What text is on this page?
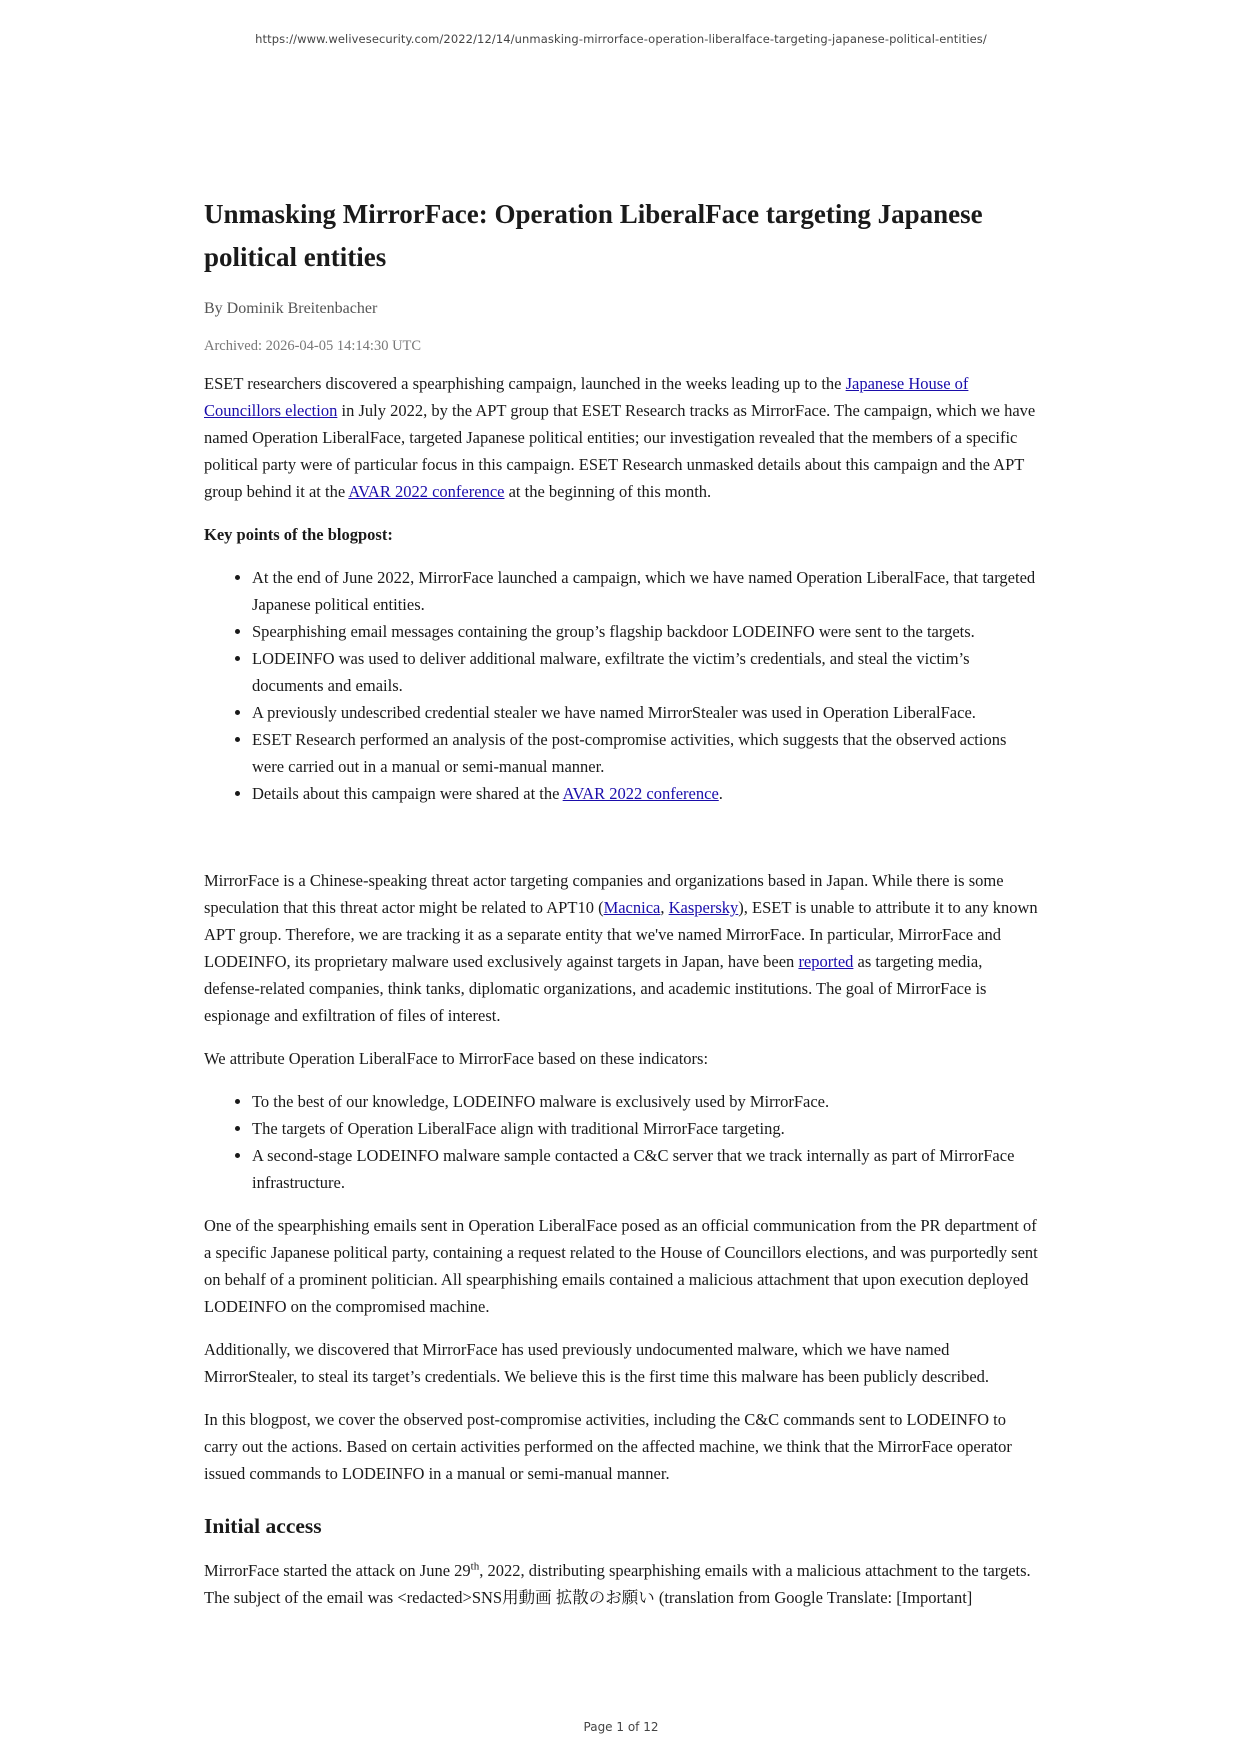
https://www.welivesecurity.com/2022/12/14/unmasking-mirrorface-operation-liberalface-targeting-japanese-political-entities/
Unmasking MirrorFace: Operation LiberalFace targeting Japanese political entities
By Dominik Breitenbacher
Archived: 2026-04-05 14:14:30 UTC

ESET researchers discovered a spearphishing campaign, launched in the weeks leading up to the Japanese House of Councillors election in July 2022, by the APT group that ESET Research tracks as MirrorFace. The campaign, which we have named Operation LiberalFace, targeted Japanese political entities; our investigation revealed that the members of a specific political party were of particular focus in this campaign. ESET Research unmasked details about this campaign and the APT group behind it at the AVAR 2022 conference at the beginning of this month.

Key points of the blogpost:

• At the end of June 2022, MirrorFace launched a campaign, which we have named Operation LiberalFace, that targeted Japanese political entities.
• Spearphishing email messages containing the group’s flagship backdoor LODEINFO were sent to the targets.
• LODEINFO was used to deliver additional malware, exfiltrate the victim’s credentials, and steal the victim’s documents and emails.
• A previously undescribed credential stealer we have named MirrorStealer was used in Operation LiberalFace.
• ESET Research performed an analysis of the post-compromise activities, which suggests that the observed actions were carried out in a manual or semi-manual manner.
• Details about this campaign were shared at the AVAR 2022 conference.

MirrorFace is a Chinese-speaking threat actor targeting companies and organizations based in Japan. While there is some speculation that this threat actor might be related to APT10 (Macnica, Kaspersky), ESET is unable to attribute it to any known APT group. Therefore, we are tracking it as a separate entity that we've named MirrorFace. In particular, MirrorFace and LODEINFO, its proprietary malware used exclusively against targets in Japan, have been reported as targeting media, defense-related companies, think tanks, diplomatic organizations, and academic institutions. The goal of MirrorFace is espionage and exfiltration of files of interest.

We attribute Operation LiberalFace to MirrorFace based on these indicators:

• To the best of our knowledge, LODEINFO malware is exclusively used by MirrorFace.
• The targets of Operation LiberalFace align with traditional MirrorFace targeting.
• A second-stage LODEINFO malware sample contacted a C&C server that we track internally as part of MirrorFace infrastructure.

One of the spearphishing emails sent in Operation LiberalFace posed as an official communication from the PR department of a specific Japanese political party, containing a request related to the House of Councillors elections, and was purportedly sent on behalf of a prominent politician. All spearphishing emails contained a malicious attachment that upon execution deployed LODEINFO on the compromised machine.

Additionally, we discovered that MirrorFace has used previously undocumented malware, which we have named MirrorStealer, to steal its target’s credentials. We believe this is the first time this malware has been publicly described.

In this blogpost, we cover the observed post-compromise activities, including the C&C commands sent to LODEINFO to carry out the actions. Based on certain activities performed on the affected machine, we think that the MirrorFace operator issued commands to LODEINFO in a manual or semi-manual manner.

Initial access

MirrorFace started the attack on June 29th, 2022, distributing spearphishing emails with a malicious attachment to the targets. The subject of the email was <redacted>SNS用動画 拡散のお願い (translation from Google Translate: [Important]

Page 1 of 12
